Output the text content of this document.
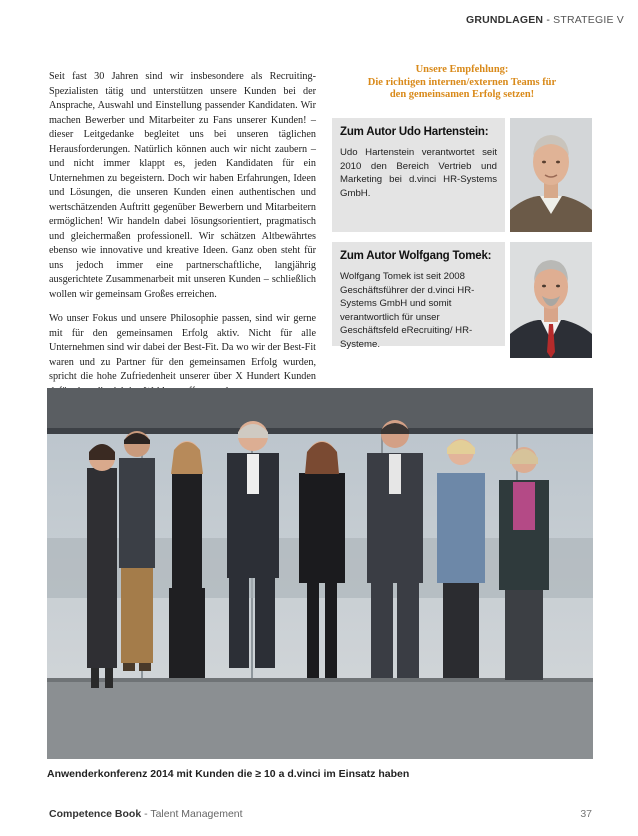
GRUNDLAGEN - STRATEGIE V

Seit fast 30 Jahren sind wir insbesondere als Recruiting-Spezialisten tätig und unterstützen unsere Kunden bei der Ansprache, Auswahl und Einstellung passender Kandidaten. Wir machen Bewerber und Mitarbeiter zu Fans unserer Kunden! – dieser Leitgedanke begleitet uns bei unseren täglichen Herausforderungen. Natürlich können auch wir nicht zaubern – und nicht immer klappt es, jeden Kandidaten für ein Unternehmen zu begeistern. Doch wir haben Erfahrungen, Ideen und Lösungen, die unseren Kunden einen authentischen und wertschätzenden Auftritt gegenüber Bewerbern und Mitarbeitern ermöglichen! Wir handeln dabei lösungsorientiert, pragmatisch und gleichermaßen professionell. Wir schätzen Altbewährtes ebenso wie innovative und kreative Ideen. Ganz oben steht für uns jedoch immer eine partnerschaftliche, langjährig ausgerichtete Zusammenarbeit mit unseren Kunden – schließlich wollen wir gemeinsam Großes erreichen.

Wo unser Fokus und unsere Philosophie passen, sind wir gerne mit für den gemeinsamen Erfolg aktiv. Nicht für alle Unternehmen sind wir dabei der Best-Fit. Da wo wir der Best-Fit waren und zu Partner für den gemeinsamen Erfolg wurden, spricht die hohe Zufriedenheit unserer über X Hundert Kunden

Unsere Empfehlung:
Die richtigen internen/externen Teams für
den gemeinsamen Erfolg setzen!
Zum Autor Udo Hartenstein:
Udo Hartenstein verantwortet seit 2010 den Bereich Vertrieb und Marketing bei d.vinci HR-Systems GmbH.
Zum Autor Wolfgang Tomek:
Wolfgang Tomek ist seit 2008 Geschäftsführer der d.vinci HR-Systems GmbH und somit verantwortlich für unser Geschäftsfeld eRecruiting/ HR-Systeme.
Anwenderkonferenz 2014 mit Kunden die ≥ 10 a d.vinci im Einsatz haben
Competence Book - Talent Management	37
